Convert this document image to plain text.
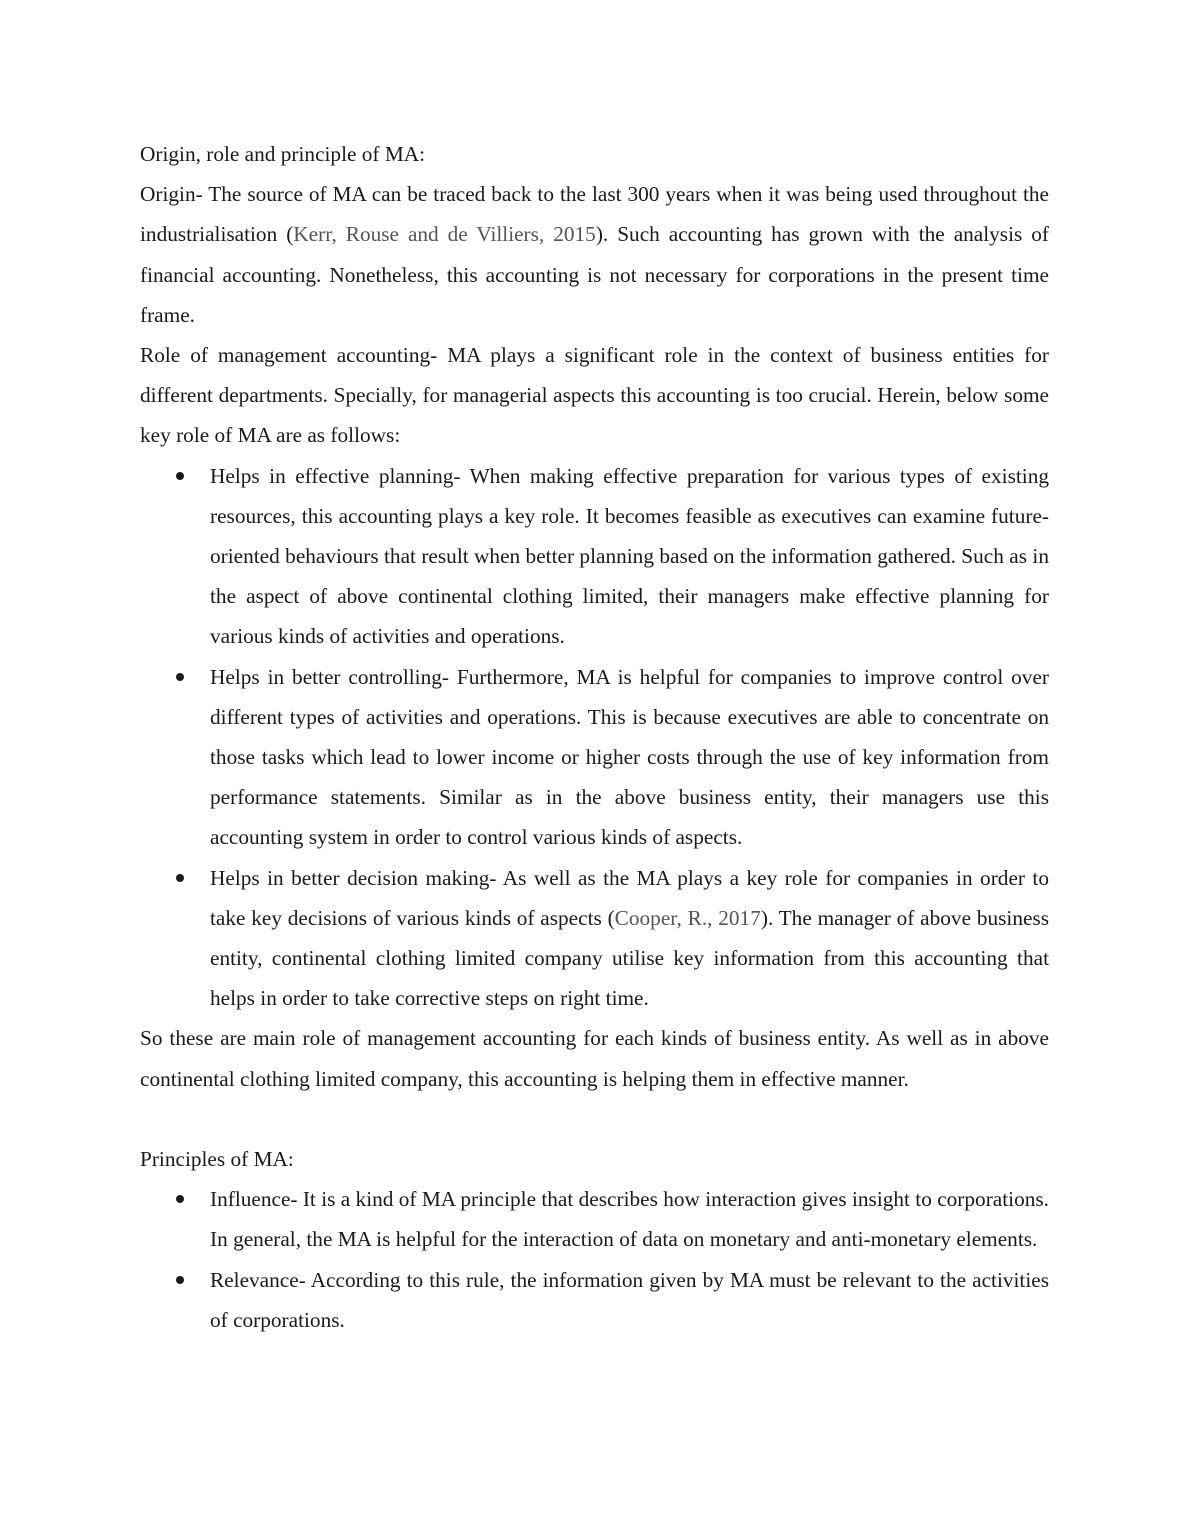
Origin, role and principle of MA:

Origin- The source of MA can be traced back to the last 300 years when it was being used throughout the industrialisation (Kerr, Rouse and de Villiers, 2015). Such accounting has grown with the analysis of financial accounting. Nonetheless, this accounting is not necessary for corporations in the present time frame.

Role of management accounting- MA plays a significant role in the context of business entities for different departments. Specially, for managerial aspects this accounting is too crucial. Herein, below some key role of MA are as follows:

Helps in effective planning- When making effective preparation for various types of existing resources, this accounting plays a key role. It becomes feasible as executives can examine future-oriented behaviours that result when better planning based on the information gathered. Such as in the aspect of above continental clothing limited, their managers make effective planning for various kinds of activities and operations.
Helps in better controlling- Furthermore, MA is helpful for companies to improve control over different types of activities and operations. This is because executives are able to concentrate on those tasks which lead to lower income or higher costs through the use of key information from performance statements. Similar as in the above business entity, their managers use this accounting system in order to control various kinds of aspects.
Helps in better decision making- As well as the MA plays a key role for companies in order to take key decisions of various kinds of aspects (Cooper, R., 2017). The manager of above business entity, continental clothing limited company utilise key information from this accounting that helps in order to take corrective steps on right time.

So these are main role of management accounting for each kinds of business entity. As well as in above continental clothing limited company, this accounting is helping them in effective manner.

Principles of MA:

Influence- It is a kind of MA principle that describes how interaction gives insight to corporations. In general, the MA is helpful for the interaction of data on monetary and anti-monetary elements.
Relevance- According to this rule, the information given by MA must be relevant to the activities of corporations.
